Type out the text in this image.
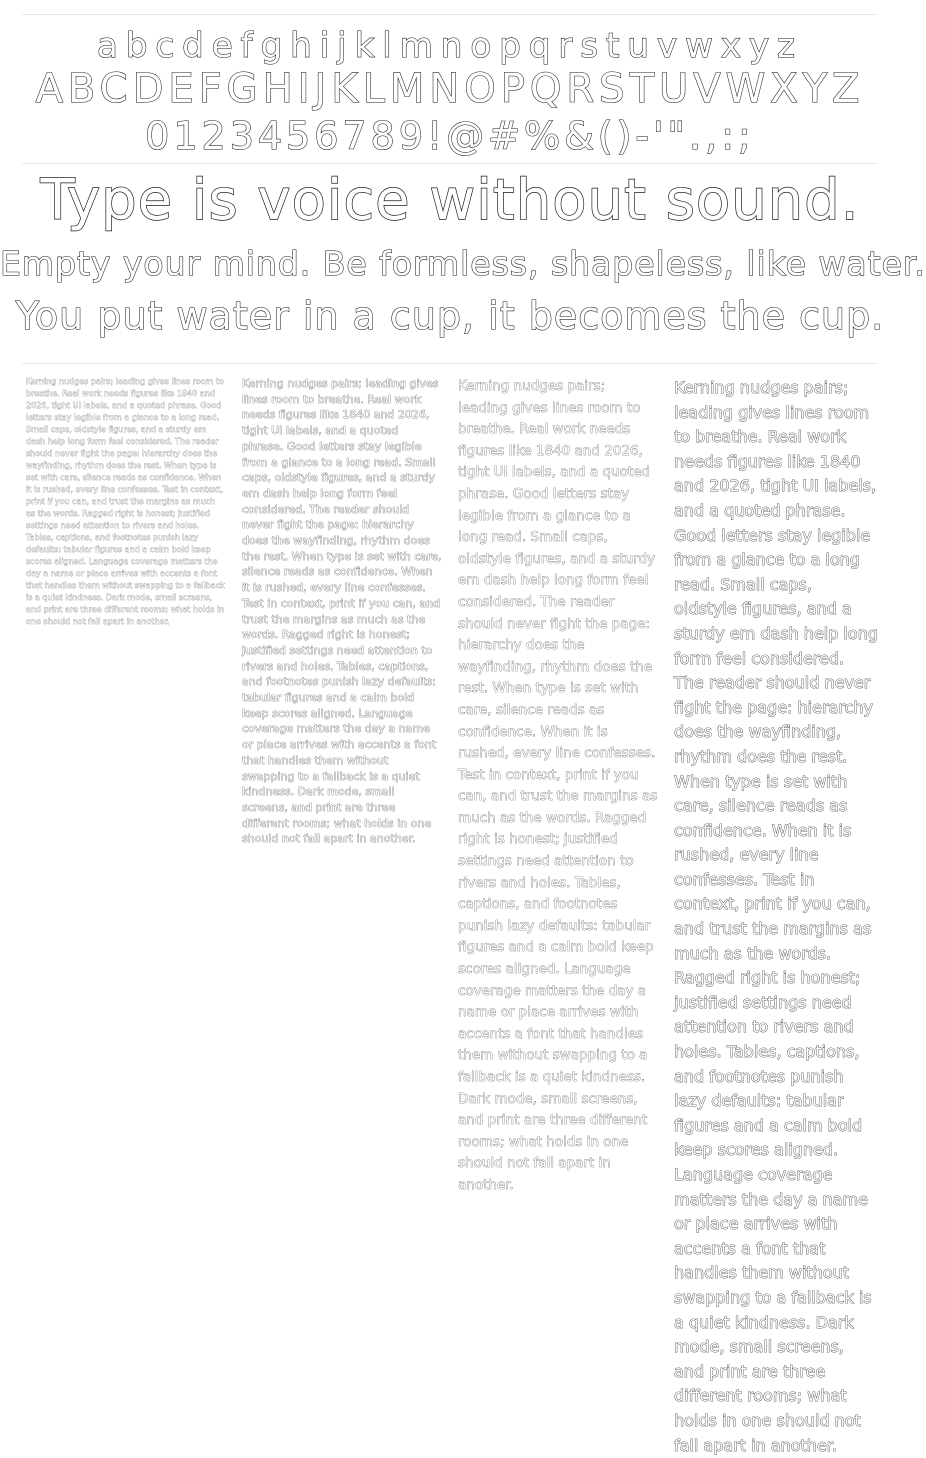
abcdefghijklmnopqrstuvwxyz
ABCDEFGHIJKLMNOPQRSTUVWXYZ
0123456789!@#%&()-'".,:;
Type is voice without sound.
Empty your mind. Be formless, shapeless, like water.
You put water in a cup, it becomes the cup.
Kerning nudges pairs; leading gives lines room to breathe. Real work needs figures like 1840 and 2026, tight UI labels, and a quoted phrase. Good letters stay legible from a glance to a long read. Small caps, oldstyle figures, and a sturdy em dash help long form feel considered. The reader should never fight the page: hierarchy does the wayfinding, rhythm does the rest. When type is set with care, silence reads as confidence. When it is rushed, every line confesses. Test in context, print if you can, and trust the margins as much as the words. Ragged right is honest; justified settings need attention to rivers and holes. Tables, captions, and footnotes punish lazy defaults: tabular figures and a calm bold keep scores aligned. Language coverage matters the day a name or place arrives with accents a font that handles them without swapping to a fallback is a quiet kindness. Dark mode, small screens, and print are three different rooms; what holds in one should not fall apart in another.
Kerning nudges pairs; leading gives lines room to breathe. Real work needs figures like 1840 and 2026, tight UI labels, and a quoted phrase. Good letters stay legible from a glance to a long read. Small caps, oldstyle figures, and a sturdy em dash help long form feel considered. The reader should never fight the page: hierarchy does the wayfinding, rhythm does the rest. When type is set with care, silence reads as confidence. When it is rushed, every line confesses. Test in context, print if you can, and trust the margins as much as the words. Ragged right is honest; justified settings need attention to rivers and holes. Tables, captions, and footnotes punish lazy defaults: tabular figures and a calm bold keep scores aligned. Language coverage matters the day a name or place arrives with accents a font that handles them without swapping to a fallback is a quiet kindness. Dark mode, small screens, and print are three different rooms; what holds in one should not fall apart in another.
Kerning nudges pairs; leading gives lines room to breathe. Real work needs figures like 1840 and 2026, tight UI labels, and a quoted phrase. Good letters stay legible from a glance to a long read. Small caps, oldstyle figures, and a sturdy em dash help long form feel considered. The reader should never fight the page: hierarchy does the wayfinding, rhythm does the rest. When type is set with care, silence reads as confidence. When it is rushed, every line confesses. Test in context, print if you can, and trust the margins as much as the words. Ragged right is honest; justified settings need attention to rivers and holes. Tables, captions, and footnotes punish lazy defaults: tabular figures and a calm bold keep scores aligned. Language coverage matters the day a name or place arrives with accents a font that handles them without swapping to a fallback is a quiet kindness. Dark mode, small screens, and print are three different rooms; what holds in one should not fall apart in another.
Kerning nudges pairs; leading gives lines room to breathe. Real work needs figures like 1840 and 2026, tight UI labels, and a quoted phrase. Good letters stay legible from a glance to a long read. Small caps, oldstyle figures, and a sturdy em dash help long form feel considered. The reader should never fight the page: hierarchy does the wayfinding, rhythm does the rest. When type is set with care, silence reads as confidence. When it is rushed, every line confesses. Test in context, print if you can, and trust the margins as much as the words. Ragged right is honest; justified settings need attention to rivers and holes. Tables, captions, and footnotes punish lazy defaults: tabular figures and a calm bold keep scores aligned. Language coverage matters the day a name or place arrives with accents a font that handles them without swapping to a fallback is a quiet kindness. Dark mode, small screens, and print are three different rooms; what holds in one should not fall apart in another.
